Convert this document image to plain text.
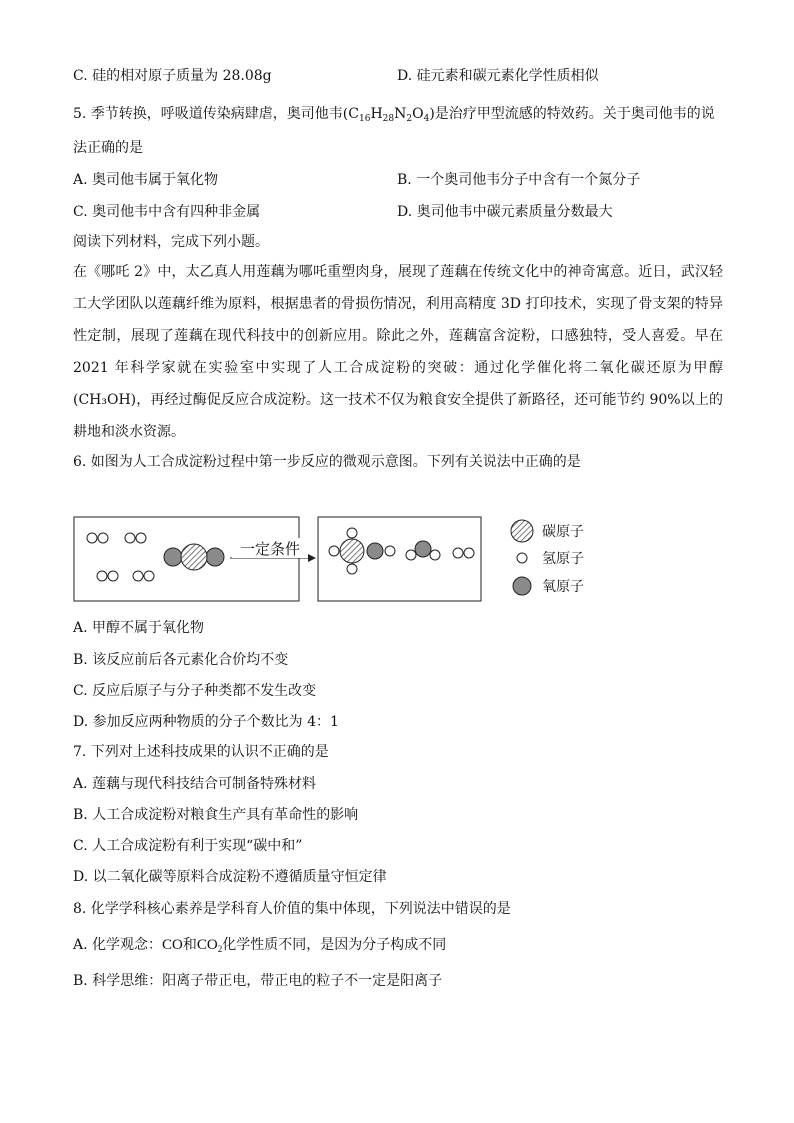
C. 硅的相对原子质量为 28.08g	D. 硅元素和碳元素化学性质相似
5. 季节转换，呼吸道传染病肆虐，奥司他韦$(C_{16}H_{28}N_2O_4)$是治疗甲型流感的特效药。关于奥司他韦的说
法正确的是
A. 奥司他韦属于氧化物	B. 一个奥司他韦分子中含有一个氮分子
C. 奥司他韦中含有四种非金属	D. 奥司他韦中碳元素质量分数最大
阅读下列材料，完成下列小题。
在《哪吒 2》中，太乙真人用莲藕为哪吒重塑肉身，展现了莲藕在传统文化中的神奇寓意。近日，武汉轻工大学团队以莲藕纤维为原料，根据患者的骨损伤情况，利用高精度 3D 打印技术，实现了骨支架的特异性定制，展现了莲藕在现代科技中的创新应用。除此之外，莲藕富含淀粉，口感独特，受人喜爱。早在 2021 年科学家就在实验室中实现了人工合成淀粉的突破：通过化学催化将二氧化碳还原为甲醇(CH₃OH)，再经过酶促反应合成淀粉。这一技术不仅为粮食安全提供了新路径，还可能节约 90%以上的耕地和淡水资源。
6. 如图为人工合成淀粉过程中第一步反应的微观示意图。下列有关说法中正确的是
一定条件
碳原子
氢原子
氧原子
A. 甲醇不属于氧化物
B. 该反应前后各元素化合价均不变
C. 反应后原子与分子种类都不发生改变
D. 参加反应两种物质的分子个数比为 4：1
7. 下列对上述科技成果的认识不正确的是
A. 莲藕与现代科技结合可制备特殊材料
B. 人工合成淀粉对粮食生产具有革命性的影响
C. 人工合成淀粉有利于实现“碳中和”
D. 以二氧化碳等原料合成淀粉不遵循质量守恒定律
8. 化学学科核心素养是学科育人价值的集中体现，下列说法中错误的是
A. 化学观念：CO和$CO_2$化学性质不同，是因为分子构成不同
B. 科学思维：阳离子带正电，带正电的粒子不一定是阳离子
